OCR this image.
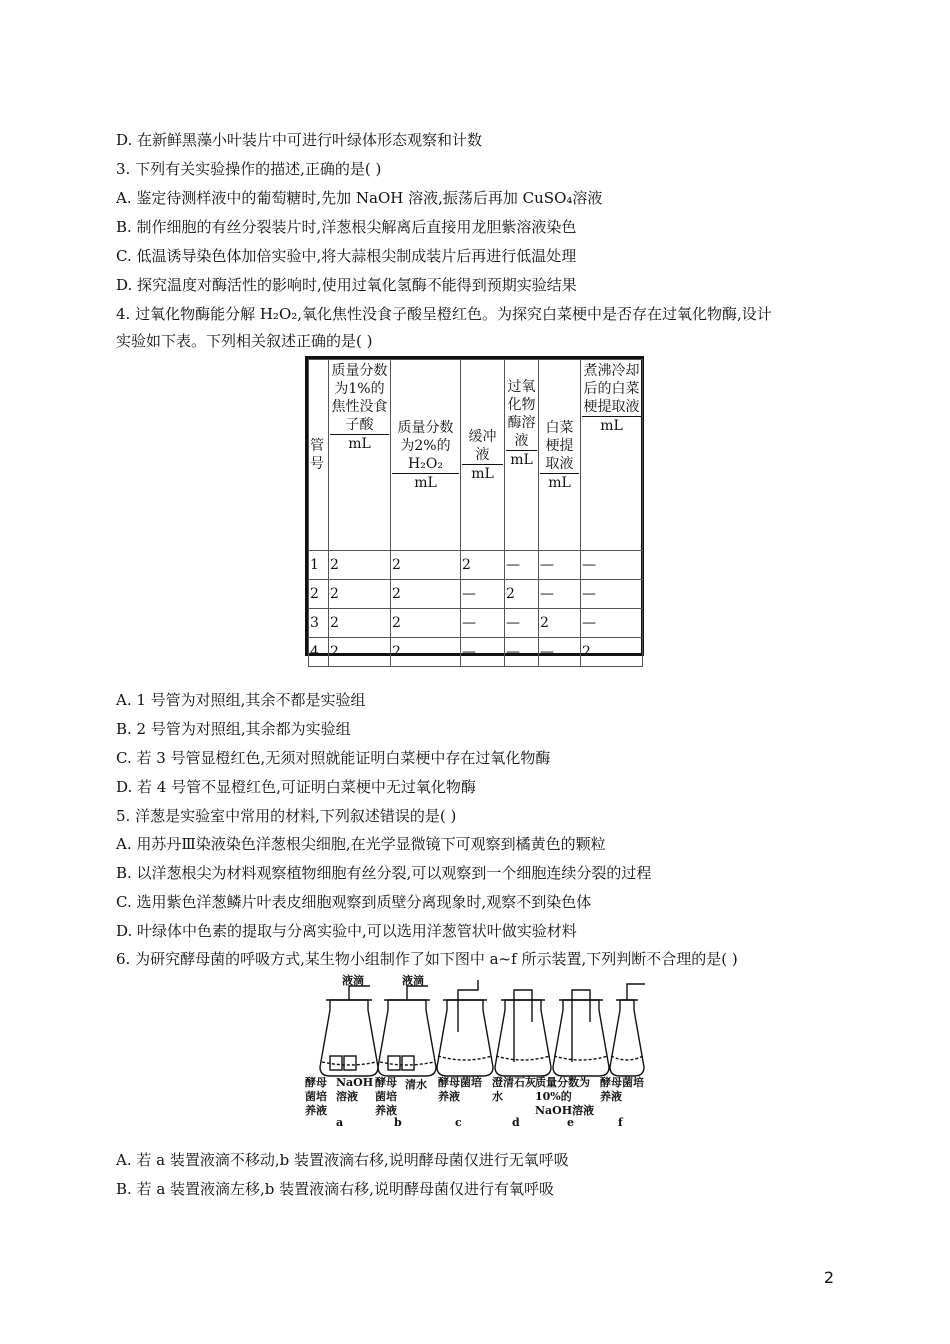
D. 在新鲜黑藻小叶装片中可进行叶绿体形态观察和计数
3. 下列有关实验操作的描述,正确的是( )
A. 鉴定待测样液中的葡萄糖时,先加 NaOH 溶液,振荡后再加 CuSO₄溶液
B. 制作细胞的有丝分裂装片时,洋葱根尖解离后直接用龙胆紫溶液染色
C. 低温诱导染色体加倍实验中,将大蒜根尖制成装片后再进行低温处理
D. 探究温度对酶活性的影响时,使用过氧化氢酶不能得到预期实验结果
4. 过氧化物酶能分解 H₂O₂,氧化焦性没食子酸呈橙红色。为探究白菜梗中是否存在过氧化物酶,设计
实验如下表。下列相关叙述正确的是( )
管号	$\frac{\text{质量分数为1\%的焦性没食子酸}}{mL}$	$\frac{\text{质量分数为2\%的H₂O₂}}{mL}$	$\frac{\text{缓冲液}}{mL}$	$\frac{\text{过氧化物酶溶液}}{mL}$	$\frac{\text{白菜梗提取液}}{mL}$	$\frac{\text{煮沸冷却后的白菜梗提取液}}{mL}$

1	2	2	2	—	—	—
2	2	2	—	2	—	—
3	2	2	—	—	2	—
4	2	2	—	—	—	2
A. 1 号管为对照组,其余不都是实验组
B. 2 号管为对照组,其余都为实验组
C. 若 3 号管显橙红色,无须对照就能证明白菜梗中存在过氧化物酶
D. 若 4 号管不显橙红色,可证明白菜梗中无过氧化物酶
5. 洋葱是实验室中常用的材料,下列叙述错误的是( )
A. 用苏丹Ⅲ染液染色洋葱根尖细胞,在光学显微镜下可观察到橘黄色的颗粒
B. 以洋葱根尖为材料观察植物细胞有丝分裂,可以观察到一个细胞连续分裂的过程
C. 选用紫色洋葱鳞片叶表皮细胞观察到质壁分离现象时,观察不到染色体
D. 叶绿体中色素的提取与分离实验中,可以选用洋葱管状叶做实验材料
6. 为研究酵母菌的呼吸方式,某生物小组制作了如下图中 a~f 所示装置,下列判断不合理的是( )
液滴	液滴
酵母菌培养液
NaOH溶液
酵母菌培养液
清水 酵母菌培养液
澄清石灰水
质量分数为10%的NaOH溶液
酵母菌培养液
a	b	c	d	e	f
A. 若 a 装置液滴不移动,b 装置液滴右移,说明酵母菌仅进行无氧呼吸
B. 若 a 装置液滴左移,b 装置液滴右移,说明酵母菌仅进行有氧呼吸
2
